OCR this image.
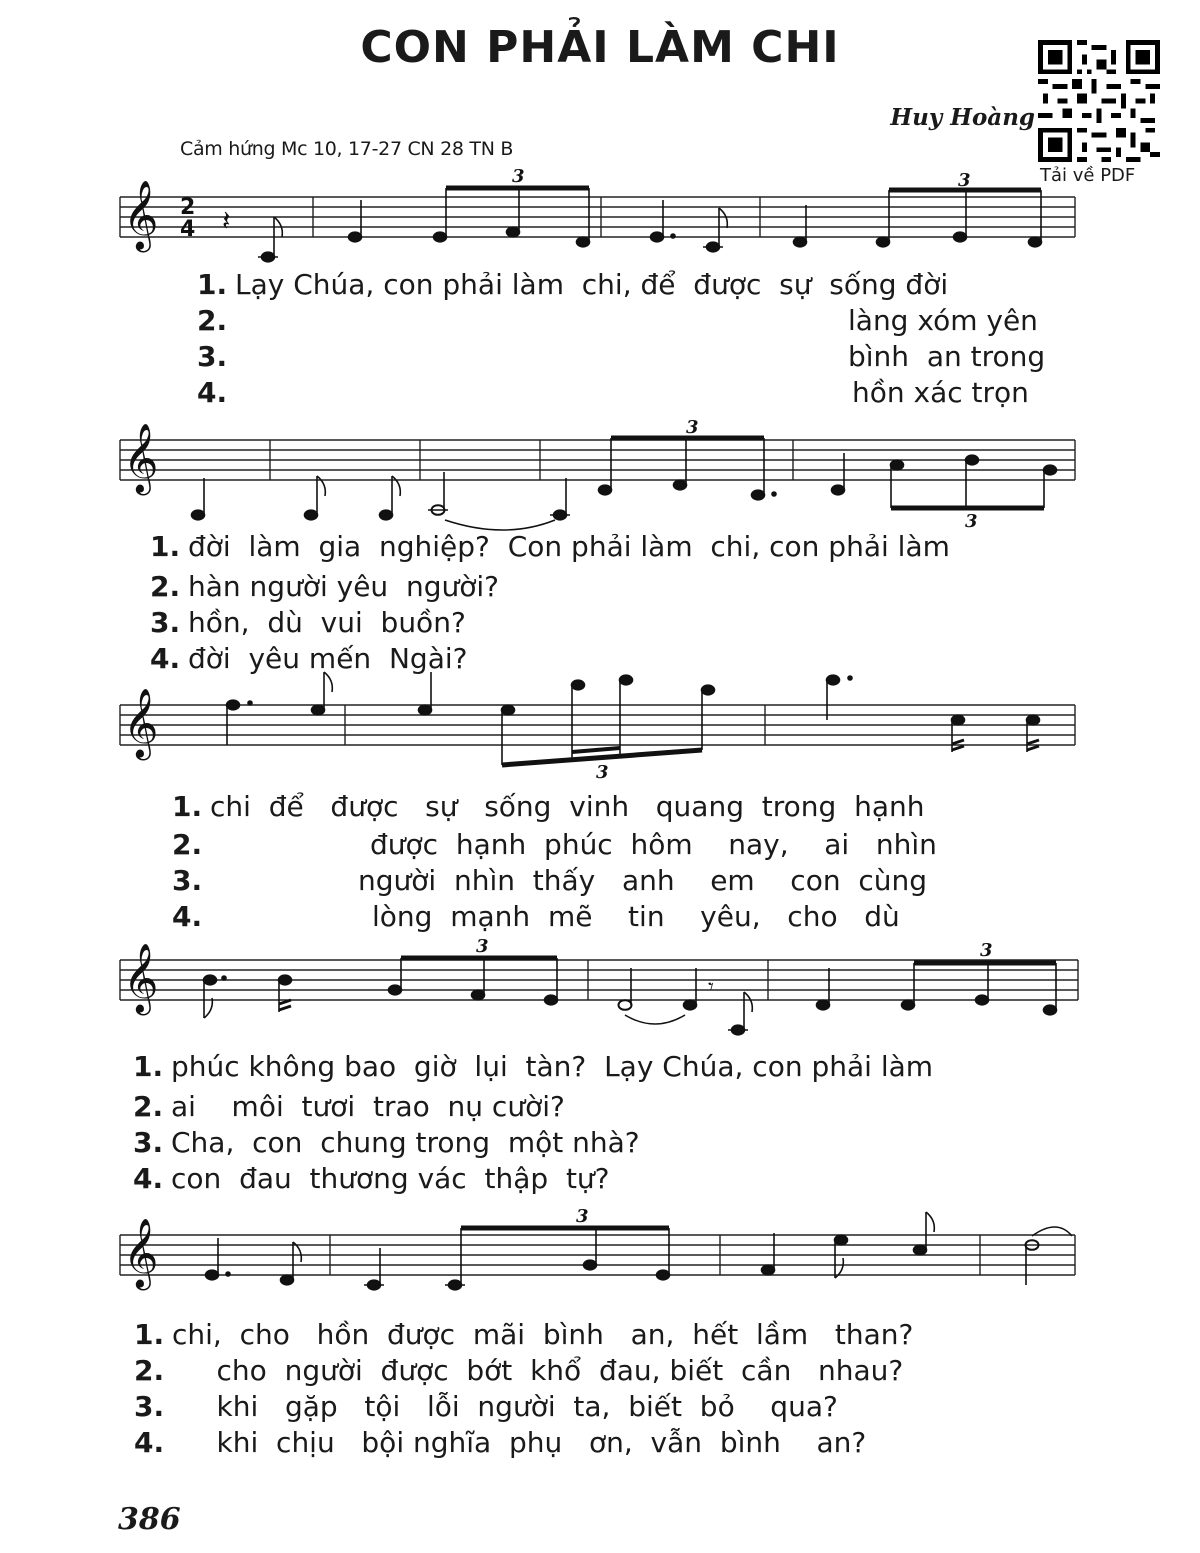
CON PHẢI LÀM CHI
Huy Hoàng
Cảm hứng Mc 10, 17-27 CN 28 TN B
Tải về PDF
𝄞 2
4 𝄽
3	3
1. Lạy Chúa, con phải làm  chi, để  được  sự  sống đời
2.	làng xóm yên
3.	bình  an trong
4.	hồn xác trọn
𝄞	3
3
1. đời  làm  gia  nghiệp?  Con phải làm  chi, con phải làm
2. hàn người yêu  người?
3. hồn,  dù  vui  buồn?
4. đời  yêu mến  Ngài?
𝄞
3
1. chi  để   được   sự   sống  vinh   quang  trong  hạnh
2.	được  hạnh  phúc  hôm    nay,    ai   nhìn
3.	người  nhìn  thấy   anh    em    con  cùng
4.	lòng  mạnh  mẽ    tin    yêu,   cho   dù
𝄞	𝄾
3	3
1. phúc không bao  giờ  lụi  tàn?  Lạy Chúa, con phải làm
2. ai    môi  tươi  trao  nụ cười?
3. Cha,  con  chung trong  một nhà?
4. con  đau  thương vác  thập  tự?
𝄞
3
1. chi,  cho   hồn  được  mãi  bình   an,  hết  lầm   than?
2.     cho  người  được  bớt  khổ  đau, biết  cần   nhau?
3.     khi   gặp   tội   lỗi  người  ta,  biết  bỏ    qua?
4.     khi  chịu   bội nghĩa  phụ   ơn,  vẫn  bình    an?
386
